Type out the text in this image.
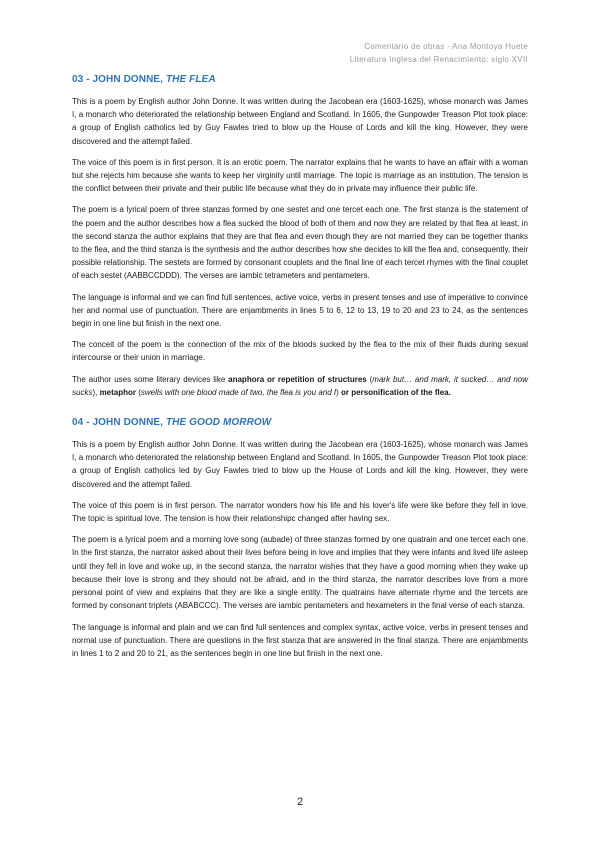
Comentario de obras - Ana Montoya Huete
Literatura Inglesa del Renacimiento: siglo XVII
03 - JOHN DONNE, THE FLEA

This is a poem by English author John Donne. It was written during the Jacobean era (1603-1625), whose monarch was James I, a monarch who deteriorated the relationship between England and Scotland. In 1605, the Gunpowder Treason Plot took place: a group of English catholics led by Guy Fawles tried to blow up the House of Lords and kill the king. However, they were discovered and the attempt failed.

The voice of this poem is in first person. It is an erotic poem. The narrator explains that he wants to have an affair with a woman but she rejects him because she wants to keep her virginity until marriage. The topic is marriage as an institution. The tension is the conflict between their private and their public life because what they do in private may influence their public life.

The poem is a lyrical poem of three stanzas formed by one sestet and one tercet each one. The first stanza is the statement of the poem and the author describes how a flea sucked the blood of both of them and now they are related by that flea at least, in the second stanza the author explains that they are that flea and even though they are not married they can be together thanks to the flea, and the third stanza is the synthesis and the author describes how she decides to kill the flea and, consequently, their possible relationship. The sestets are formed by consonant couplets and the final line of each tercet rhymes with the final couplet of each sestet (AABBCCDDD). The verses are iambic tetrameters and pentameters.

The language is informal and we can find full sentences, active voice, verbs in present tenses and use of imperative to convince her and normal use of punctuation. There are enjambments in lines 5 to 6, 12 to 13, 19 to 20 and 23 to 24, as the sentences begin in one line but finish in the next one.

The conceit of the poem is the connection of the mix of the bloods sucked by the flea to the mix of their fluids during sexual intercourse or their union in marriage.

The author uses some literary devices like anaphora or repetition of structures (mark but… and mark, it sucked… and now sucks), metaphor (swells with one blood made of two, the flea is you and I) or personification of the flea.

04 - JOHN DONNE, THE GOOD MORROW

This is a poem by English author John Donne. It was written during the Jacobean era (1603-1625), whose monarch was James I, a monarch who deteriorated the relationship between England and Scotland. In 1605, the Gunpowder Treason Plot took place: a group of English catholics led by Guy Fawles tried to blow up the House of Lords and kill the king. However, they were discovered and the attempt failed.

The voice of this poem is in first person. The narrator wonders how his life and his lover's life were like before they fell in love. The topic is spiritual love. The tension is how their relationshipc changed after having sex.

The poem is a lyrical poem and a morning love song (aubade) of three stanzas formed by one quatrain and one tercet each one. In the first stanza, the narrator asked about their lives before being in love and implies that they were infants and lived life asleep until they fell in love and woke up, in the second stanza, the narrator wishes that they have a good morning when they wake up because their love is strong and they should not be afraid, and in the third stanza, the narrator describes love from a more personal point of view and explains that they are like a single entity. The quatrains have alternate rhyme and the tercets are formed by consonant triplets (ABABCCC). The verses are iambic pentameters and hexameters in the final verse of each stanza.

The language is informal and plain and we can find full sentences and complex syntax, active voice, verbs in present tenses and normal use of punctuation. There are questions in the first stanza that are answered in the final stanza. There are enjambments in lines 1 to 2 and 20 to 21, as the sentences begin in one line but finish in the next one.

2
